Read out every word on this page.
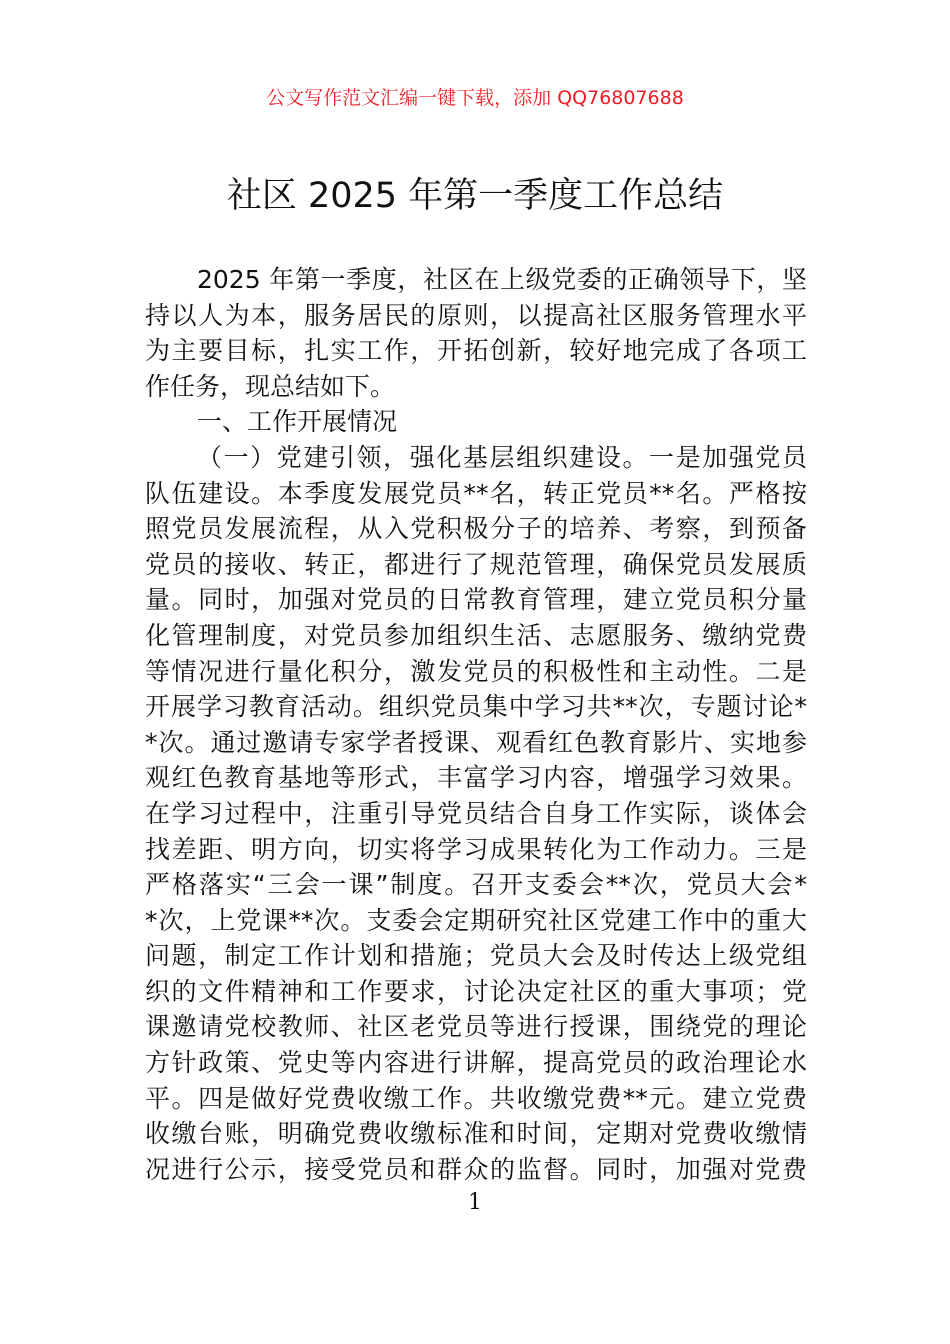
公文写作范文汇编一键下载，添加 QQ76807688
社区 2025 年第一季度工作总结
2025 年第一季度，社区在上级党委的正确领导下，坚
持以人为本，服务居民的原则，以提高社区服务管理水平
为主要目标，扎实工作，开拓创新，较好地完成了各项工
作任务，现总结如下。
一、工作开展情况
（一）党建引领，强化基层组织建设。一是加强党员
队伍建设。本季度发展党员**名，转正党员**名。严格按
照党员发展流程，从入党积极分子的培养、考察，到预备
党员的接收、转正，都进行了规范管理，确保党员发展质
量。同时，加强对党员的日常教育管理，建立党员积分量
化管理制度，对党员参加组织生活、志愿服务、缴纳党费
等情况进行量化积分，激发党员的积极性和主动性。二是
开展学习教育活动。组织党员集中学习共**次，专题讨论*
*次。通过邀请专家学者授课、观看红色教育影片、实地参
观红色教育基地等形式，丰富学习内容，增强学习效果。
在学习过程中，注重引导党员结合自身工作实际，谈体会
找差距、明方向，切实将学习成果转化为工作动力。三是
严格落实“三会一课”制度。召开支委会**次，党员大会*
*次，上党课**次。支委会定期研究社区党建工作中的重大
问题，制定工作计划和措施；党员大会及时传达上级党组
织的文件精神和工作要求，讨论决定社区的重大事项；党
课邀请党校教师、社区老党员等进行授课，围绕党的理论
方针政策、党史等内容进行讲解，提高党员的政治理论水
平。四是做好党费收缴工作。共收缴党费**元。建立党费
收缴台账，明确党费收缴标准和时间，定期对党费收缴情
况进行公示，接受党员和群众的监督。同时，加强对党费
1
